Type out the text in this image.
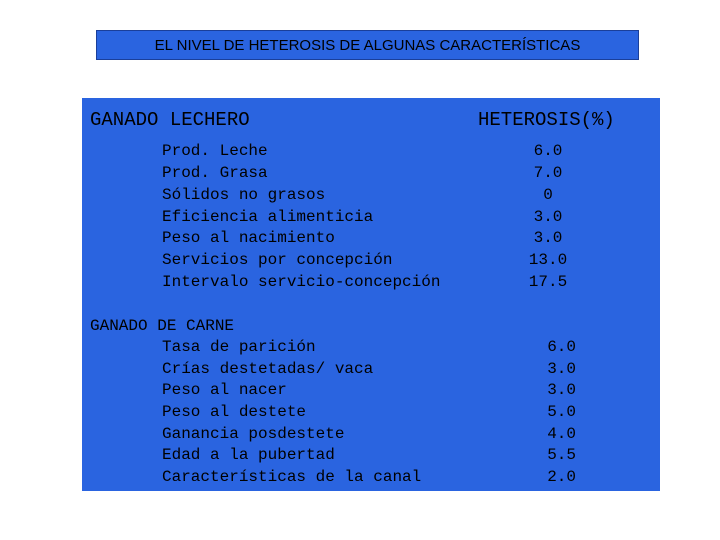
EL NIVEL DE HETEROSIS DE ALGUNAS CARACTERÍSTICAS
GANADO LECHERO	HETEROSIS(%)
Prod. Leche
Prod. Grasa
Sólidos no grasos
Eficiencia alimenticia
Peso al nacimiento
Servicios por concepción
Intervalo servicio-concepción
6.0
7.0
0
3.0
3.0
13.0
17.5
GANADO DE CARNE
Tasa de parición
Crías destetadas/ vaca
Peso al nacer
Peso al destete
Ganancia posdestete
Edad a la pubertad
Características de la canal
6.0
3.0
3.0
5.0
4.0
5.5
2.0
